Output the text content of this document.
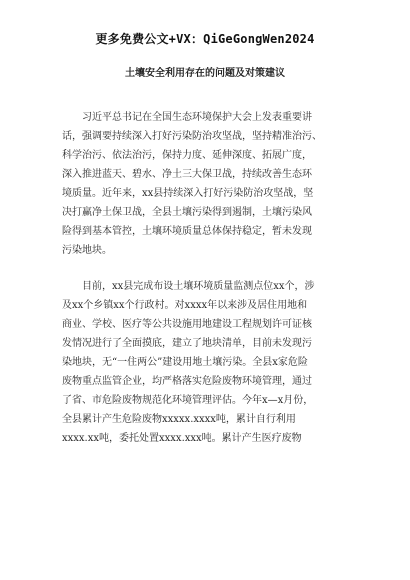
更多免费公文+VX：QiGeGongWen2024
土壤安全利用存在的问题及对策建议

　　习近平总书记在全国生态环境保护大会上发表重要讲
话，强调要持续深入打好污染防治攻坚战，坚持精准治污、
科学治污、依法治污，保持力度、延伸深度、拓展广度，
深入推进蓝天、碧水、净土三大保卫战，持续改善生态环
境质量。近年来，xx县持续深入打好污染防治攻坚战，坚
决打赢净土保卫战，全县土壤污染得到遏制，土壤污染风
险得到基本管控，土壤环境质量总体保持稳定，暂未发现
污染地块。

　　目前，xx县完成布设土壤环境质量监测点位xx个，涉
及xx个乡镇xx个行政村。对xxxx年以来涉及居住用地和
商业、学校、医疗等公共设施用地建设工程规划许可证核
发情况进行了全面摸底，建立了地块清单，目前未发现污
染地块，无“一住两公”建设用地土壤污染。全县x家危险
废物重点监管企业，均严格落实危险废物环境管理，通过
了省、市危险废物规范化环境管理评估。今年x—x月份，
全县累计产生危险废物xxxxx.xxxx吨，累计自行利用
xxxx.xx吨，委托处置xxxx.xxx吨。累计产生医疗废物
